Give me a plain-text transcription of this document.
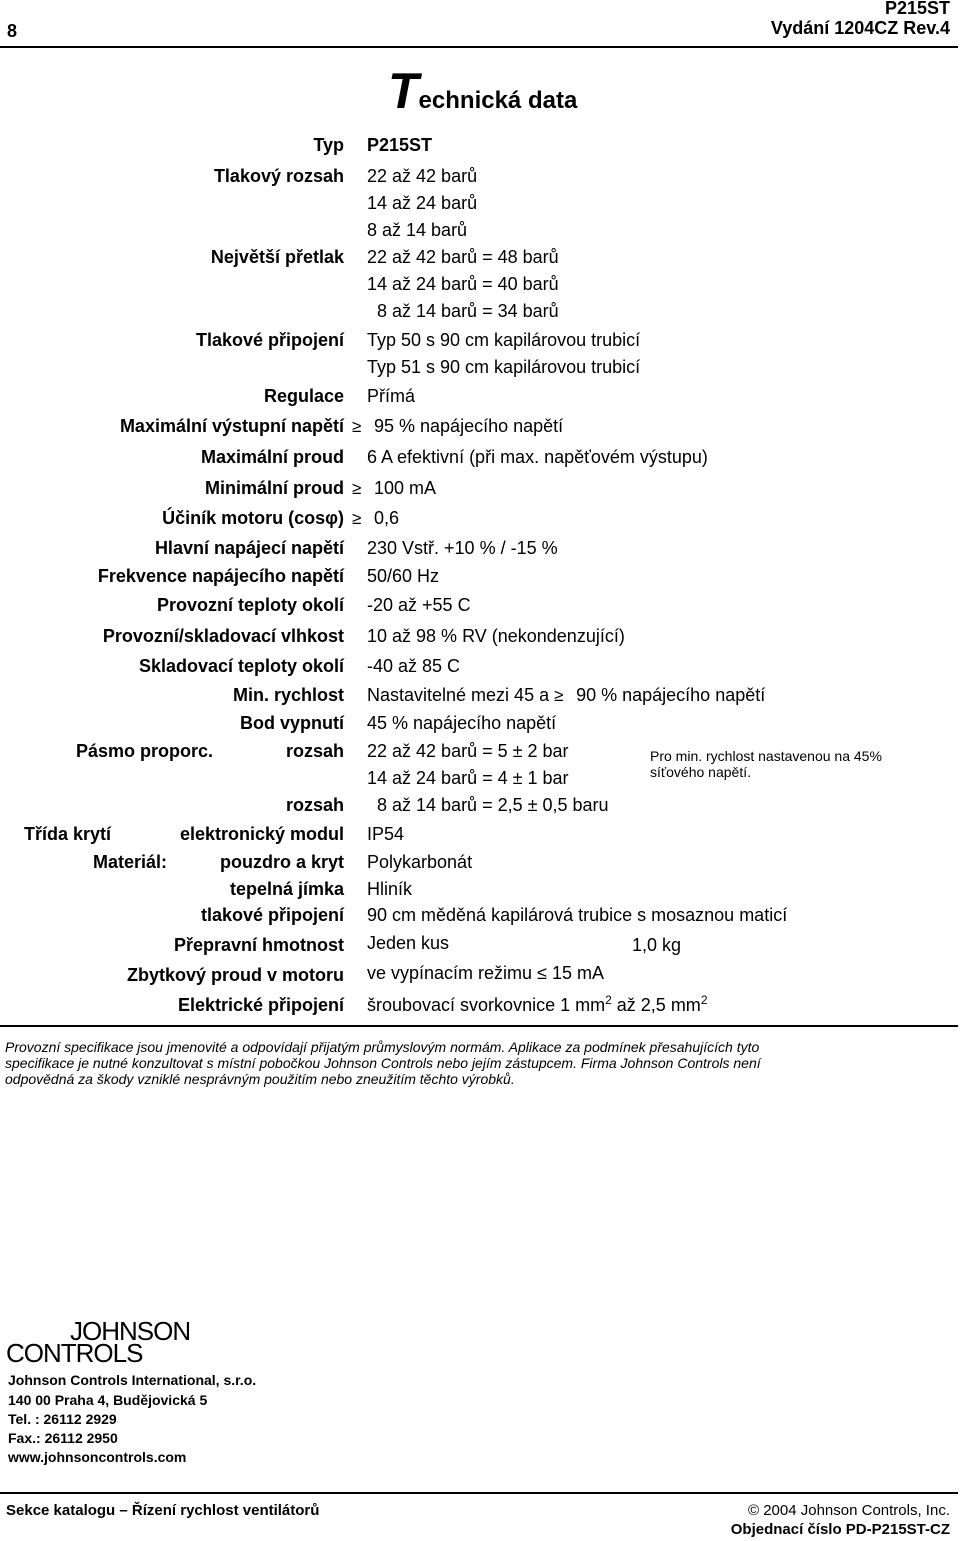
8
P215ST
Vydání 1204CZ Rev.4
Technická data
Typ P215ST
Tlakový rozsah 22 až 42 barů
14 až 24 barů
8 až 14 barů
Největší přetlak 22 až 42 barů = 48 barů
14 až 24 barů = 40 barů
8 až 14 barů = 34 barů
Tlakové připojení Typ 50 s 90 cm kapilárovou trubicí
Typ 51 s 90 cm kapilárovou trubicí
Regulace Přímá
Maximální výstupní napětí ≥ 95 % napájecího napětí
Maximální proud 6 A efektivní (při max. napěťovém výstupu)
Minimální proud ≥ 100 mA
Účiník motoru (cosφ) ≥ 0,6
Hlavní napájecí napětí 230 Vstř. +10 % / -15 %
Frekvence napájecího napětí 50/60 Hz
Provozní teploty okolí -20 až +55 C
Provozní/skladovací vlhkost 10 až 98 % RV (nekondenzující)
Skladovací teploty okolí -40 až 85 C
Min. rychlost Nastavitelné mezi 45 a ≥ 90 % napájecího napětí
Bod vypnutí 45 % napájecího napětí
Pásmo proporc.	rozsah 22 až 42 barů = 5 ± 2 bar
14 až 24 barů = 4 ± 1 bar
rozsah 8 až 14 barů = 2,5 ± 0,5 baru
Pro min. rychlost nastavenou na 45%
síťového napětí.
Třída krytí	elektronický modul IP54
Materiál:	pouzdro a kryt Polykarbonát
tepelná jímka Hliník
tlakové připojení 90 cm měděná kapilárová trubice s mosaznou maticí
Přepravní hmotnost Jeden kus	1,0 kg
Zbytkový proud v motoru ve vypínacím režimu ≤ 15 mA
Elektrické připojení šroubovací svorkovnice 1 $mm^2$ až 2,5 $mm^2$
Provozní specifikace jsou jmenovité a odpovídají přijatým průmyslovým normám. Aplikace za podmínek přesahujících tyto
specifikace je nutné konzultovat s místní pobočkou Johnson Controls nebo jejím zástupcem. Firma Johnson Controls není
odpovědná za škody vzniklé nesprávným použitím nebo zneužitím těchto výrobků.
JOHNSON
CONTROLS
Johnson Controls International, s.r.o.
140 00 Praha 4, Budějovická 5
Tel. : 26112 2929
Fax.: 26112 2950
www.johnsoncontrols.com
Sekce katalogu – Řízení rychlost ventilátorů	© 2004 Johnson Controls, Inc.
Objednací číslo PD-P215ST-CZ
